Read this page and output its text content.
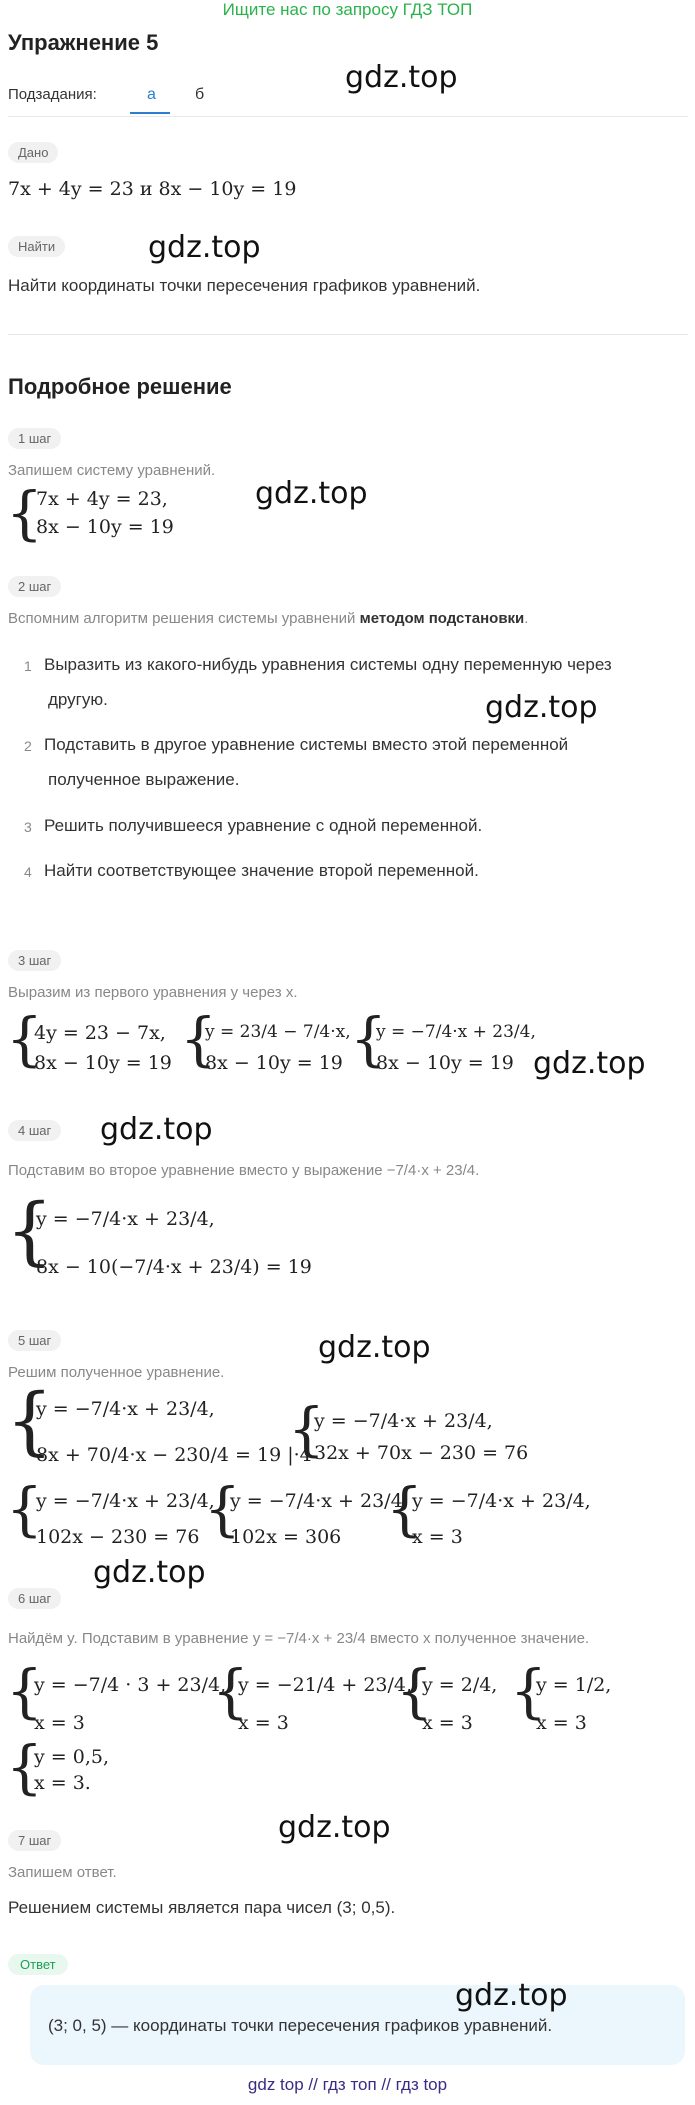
Ищите нас по запросу ГДЗ ТОП
Упражнение 5
Подзадания:	а б	gdz.top
Дано
7x + 4y = 23 и 8x − 10y = 19
Найти	gdz.top
Найти координаты точки пересечения графиков уравнений.
Подробное решение
1 шаг
Запишем систему уравнений.
{
7x + 4y = 23,
8x − 10y = 19
gdz.top
2 шаг
Вспомним алгоритм решения системы уравнений методом подстановки.
1 Выразить из какого-нибудь уравнения системы одну переменную через
другую.	gdz.top
2 Подставить в другое уравнение системы вместо этой переменной
полученное выражение.
3 Решить получившееся уравнение с одной переменной.
4 Найти соответствующее значение второй переменной.
3 шаг
Выразим из первого уравнения y через x.
{
4y = 23 − 7x,
8x − 10y = 19 {
y = 23/4 − 7/4·x,
8x − 10y = 19 {
y = −7/4·x + 23/4,
8x − 10y = 19 gdz.top
4 шаг	gdz.top
Подставим во второе уравнение вместо y выражение −7/4·x + 23/4.
{
y = −7/4·x + 23/4,
8x − 10(−7/4·x + 23/4) = 19
5 шаг	gdz.top
Решим полученное уравнение.
{
y = −7/4·x + 23/4,
8x + 70/4·x − 230/4 = 19 |·4
{
y = −7/4·x + 23/4,
32x + 70x − 230 = 76
{
y = −7/4·x + 23/4,
102x − 230 = 76 {
y = −7/4·x + 23/4,
102x = 306 {
y = −7/4·x + 23/4,
x = 3
gdz.top
6 шаг
Найдём y. Подставим в уравнение y = −7/4·x + 23/4 вместо x полученное значение.
{
y = −7/4 · 3 + 23/4,
x = 3 {
y = −21/4 + 23/4,
x = 3 {
y = 2/4,
x = 3 {
y = 1/2,
x = 3
{
y = 0,5,
x = 3.
gdz.top
7 шаг
Запишем ответ.
Решением системы является пара чисел (3; 0,5).
Ответ
gdz.top
(3; 0, 5) — координаты точки пересечения графиков уравнений.
gdz top // гдз топ // гдз top
